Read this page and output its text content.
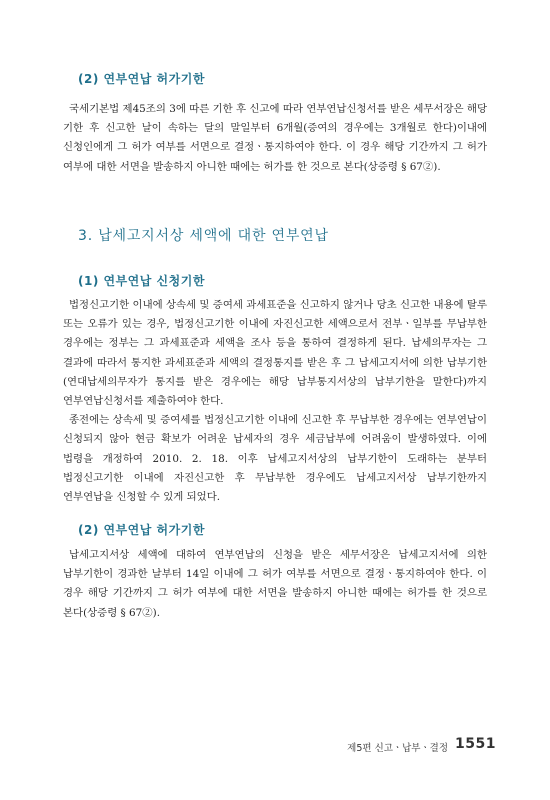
(2) 연부연납 허가기한

국세기본법 제45조의 3에 따른 기한 후 신고에 따라 연부연납신청서를 받은 세무서장은 해당 기한 후 신고한 날이 속하는 달의 말일부터 6개월(증여의 경우에는 3개월로 한다)이내에 신청인에게 그 허가 여부를 서면으로 결정ㆍ통지하여야 한다. 이 경우 해당 기간까지 그 허가 여부에 대한 서면을 발송하지 아니한 때에는 허가를 한 것으로 본다(상증령 § 67②).

3. 납세고지서상 세액에 대한 연부연납
(1) 연부연납 신청기한

법정신고기한 이내에 상속세 및 증여세 과세표준을 신고하지 않거나 당초 신고한 내용에 탈루 또는 오류가 있는 경우, 법정신고기한 이내에 자진신고한 세액으로서 전부ㆍ일부를 무납부한 경우에는 정부는 그 과세표준과 세액을 조사 등을 통하여 결정하게 된다. 납세의무자는 그 결과에 따라서 통지한 과세표준과 세액의 결정통지를 받은 후 그 납세고지서에 의한 납부기한(연대납세의무자가 통지를 받은 경우에는 해당 납부통지서상의 납부기한을 말한다)까지 연부연납신청서를 제출하여야 한다.

종전에는 상속세 및 증여세를 법정신고기한 이내에 신고한 후 무납부한 경우에는 연부연납이 신청되지 않아 현금 확보가 어려운 납세자의 경우 세금납부에 어려움이 발생하였다. 이에 법령을 개정하여 2010. 2. 18. 이후 납세고지서상의 납부기한이 도래하는 분부터 법정신고기한 이내에 자진신고한 후 무납부한 경우에도 납세고지서상 납부기한까지 연부연납을 신청할 수 있게 되었다.

(2) 연부연납 허가기한

납세고지서상 세액에 대하여 연부연납의 신청을 받은 세무서장은 납세고지서에 의한 납부기한이 경과한 날부터 14일 이내에 그 허가 여부를 서면으로 결정ㆍ통지하여야 한다. 이 경우 해당 기간까지 그 허가 여부에 대한 서면을 발송하지 아니한 때에는 허가를 한 것으로 본다(상증령 § 67②).

제5편 신고ㆍ납부ㆍ결정 1551
